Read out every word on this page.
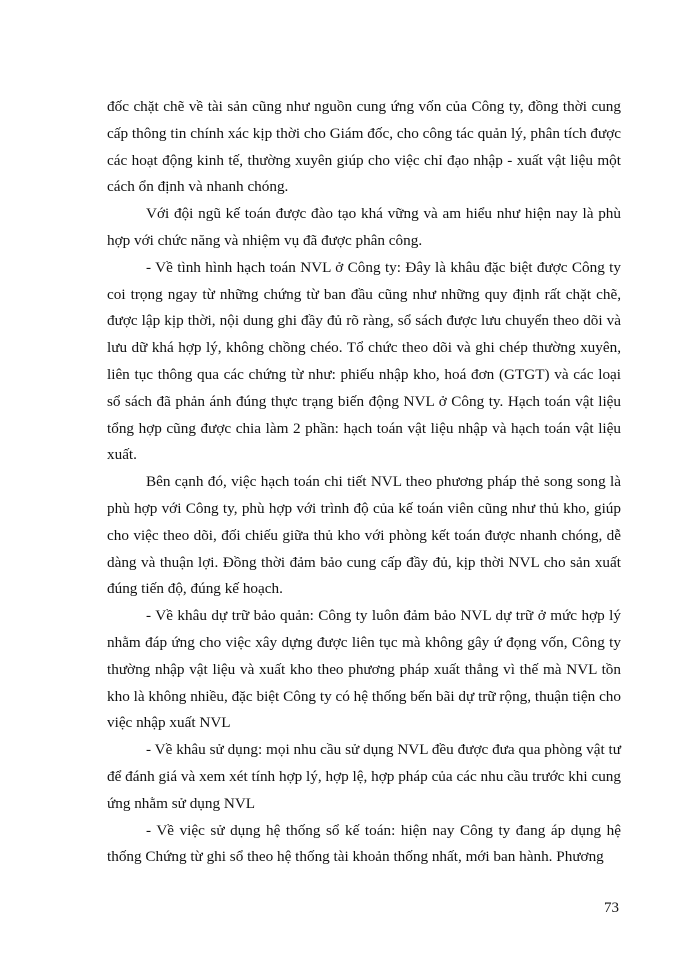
đốc chặt chẽ về tài sản cũng như nguồn cung ứng vốn của Công ty, đồng thời cung cấp thông tin chính xác kịp thời cho Giám đốc, cho công tác quản lý, phân tích được các hoạt động kinh tế, thường xuyên giúp cho việc chỉ đạo nhập - xuất vật liệu một cách ổn định và nhanh chóng.

Với đội ngũ kế toán được đào tạo khá vững và am hiểu như hiện nay là phù hợp với chức năng và nhiệm vụ đã được phân công.

- Về tình hình hạch toán NVL ở Công ty: Đây là khâu đặc biệt được Công ty coi trọng ngay từ những chứng từ ban đầu cũng như những quy định rất chặt chẽ, được lập kịp thời, nội dung ghi đầy đủ rõ ràng, sổ sách được lưu chuyển theo dõi và lưu dữ khá hợp lý, không chồng chéo. Tổ chức theo dõi và ghi chép thường xuyên, liên tục thông qua các chứng từ như: phiếu nhập kho, hoá đơn (GTGT) và các loại sổ sách đã phản ánh đúng thực trạng biến động NVL ở Công ty. Hạch toán vật liệu tổng hợp cũng được chia làm 2 phần: hạch toán vật liệu nhập và hạch toán vật liệu xuất.

Bên cạnh đó, việc hạch toán chi tiết NVL theo phương pháp thẻ song song là phù hợp với Công ty, phù hợp với trình độ của kế toán viên cũng như thủ kho, giúp cho việc theo dõi, đối chiếu giữa thủ kho với phòng kết toán được nhanh chóng, dễ dàng và thuận lợi. Đồng thời đảm bảo cung cấp đầy đủ, kịp thời NVL cho sản xuất đúng tiến độ, đúng kế hoạch.

- Về khâu dự trữ bảo quản: Công ty luôn đảm bảo NVL dự trữ ở mức hợp lý nhằm đáp ứng cho việc xây dựng được liên tục mà không gây ứ đọng vốn, Công ty thường nhập vật liệu và xuất kho theo phương pháp xuất thẳng vì thế mà NVL tồn kho là không nhiều, đặc biệt Công ty có hệ thống bến bãi dự trữ rộng, thuận tiện cho việc nhập xuất NVL

- Về khâu sử dụng: mọi nhu cầu sử dụng NVL đều được đưa qua phòng vật tư để đánh giá và xem xét tính hợp lý, hợp lệ, hợp pháp của các nhu cầu trước khi cung ứng nhằm sử dụng NVL

- Về việc sử dụng hệ thống sổ kế toán: hiện nay Công ty đang áp dụng hệ thống Chứng từ ghi sổ theo hệ thống tài khoản thống nhất, mới ban hành. Phương

73
